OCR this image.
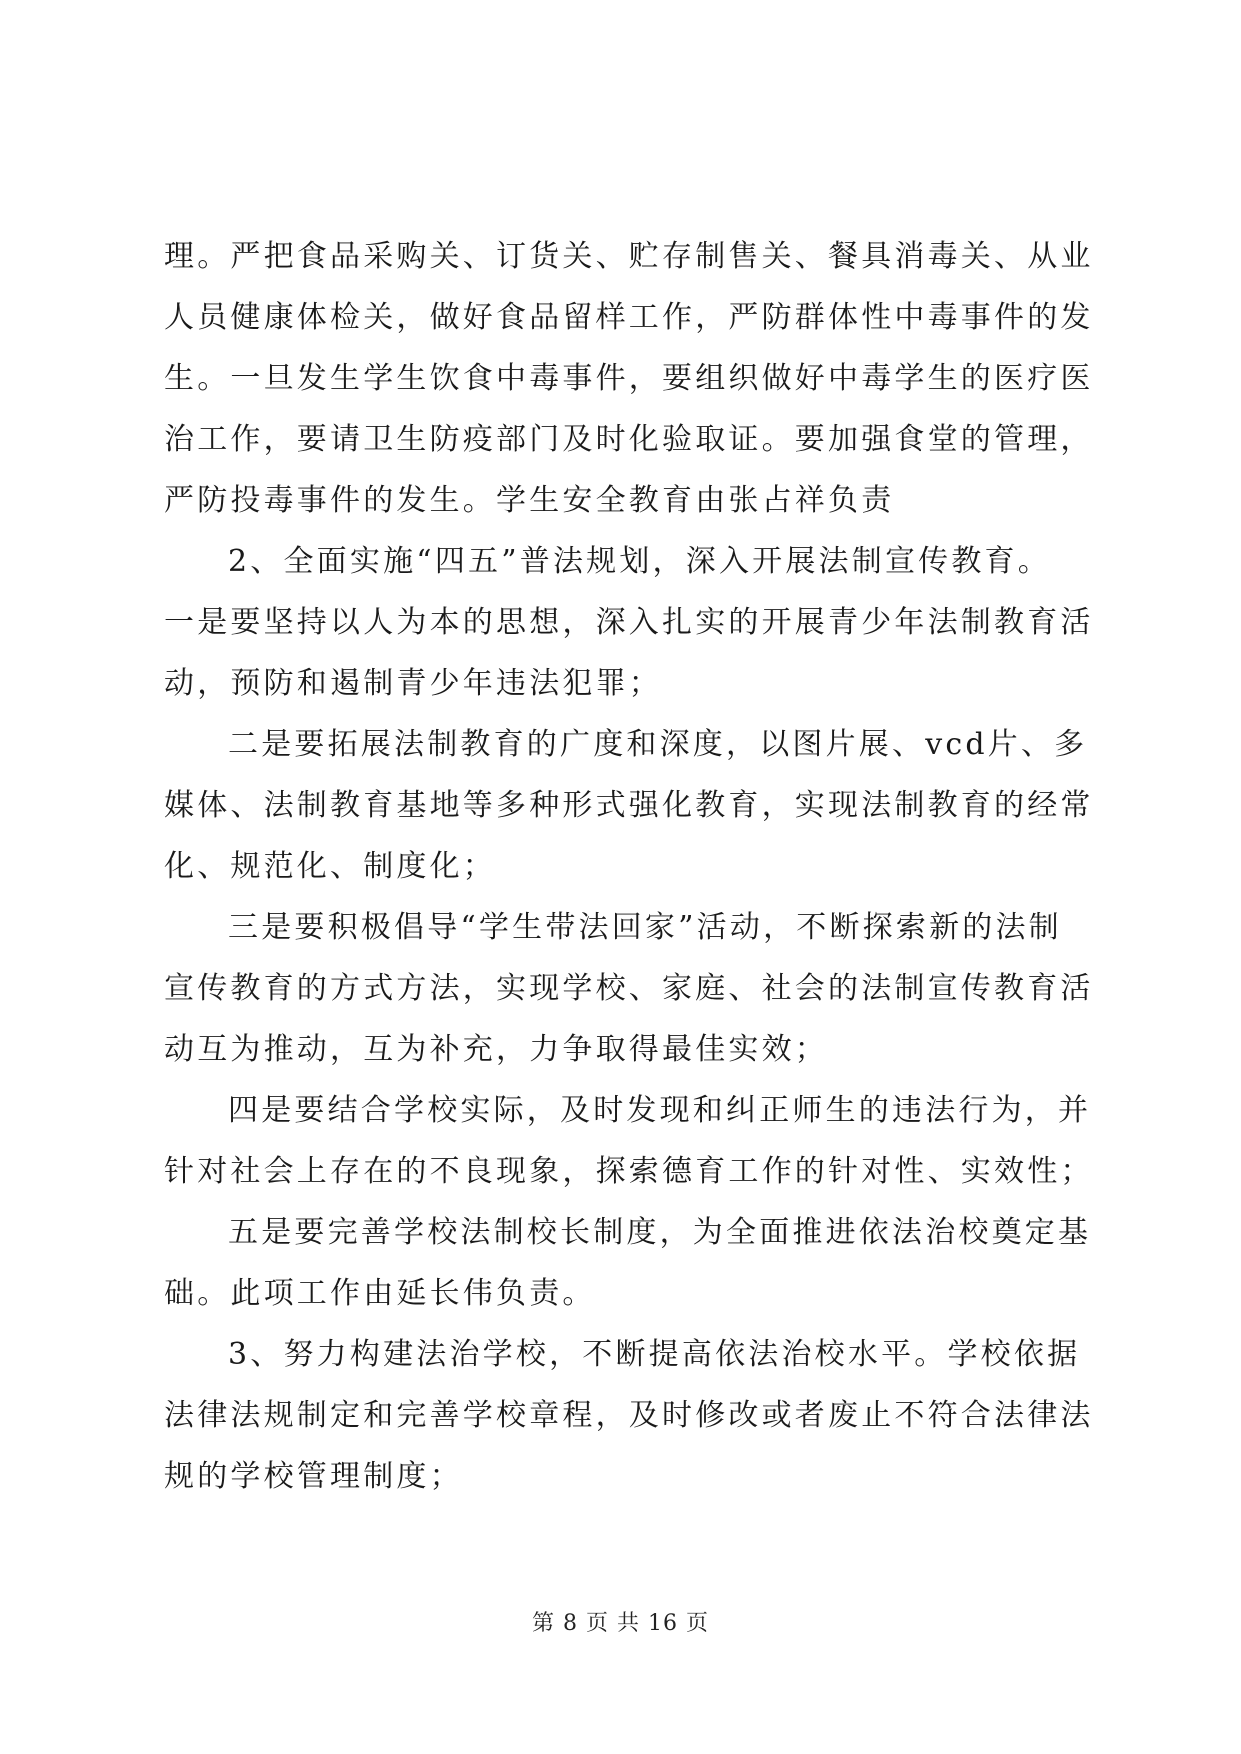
理。严把食品采购关、订货关、贮存制售关、餐具消毒关、从业
人员健康体检关，做好食品留样工作，严防群体性中毒事件的发
生。一旦发生学生饮食中毒事件，要组织做好中毒学生的医疗医
治工作，要请卫生防疫部门及时化验取证。要加强食堂的管理，
严防投毒事件的发生。学生安全教育由张占祥负责
2、全面实施“四五”普法规划，深入开展法制宣传教育。
一是要坚持以人为本的思想，深入扎实的开展青少年法制教育活
动，预防和遏制青少年违法犯罪；
二是要拓展法制教育的广度和深度，以图片展、vcd片、多
媒体、法制教育基地等多种形式强化教育，实现法制教育的经常
化、规范化、制度化；
三是要积极倡导“学生带法回家”活动，不断探索新的法制
宣传教育的方式方法，实现学校、家庭、社会的法制宣传教育活
动互为推动，互为补充，力争取得最佳实效；
四是要结合学校实际，及时发现和纠正师生的违法行为，并
针对社会上存在的不良现象，探索德育工作的针对性、实效性；
五是要完善学校法制校长制度，为全面推进依法治校奠定基
础。此项工作由延长伟负责。
3、努力构建法治学校，不断提高依法治校水平。学校依据
法律法规制定和完善学校章程，及时修改或者废止不符合法律法
规的学校管理制度；
第 8 页 共 16 页
